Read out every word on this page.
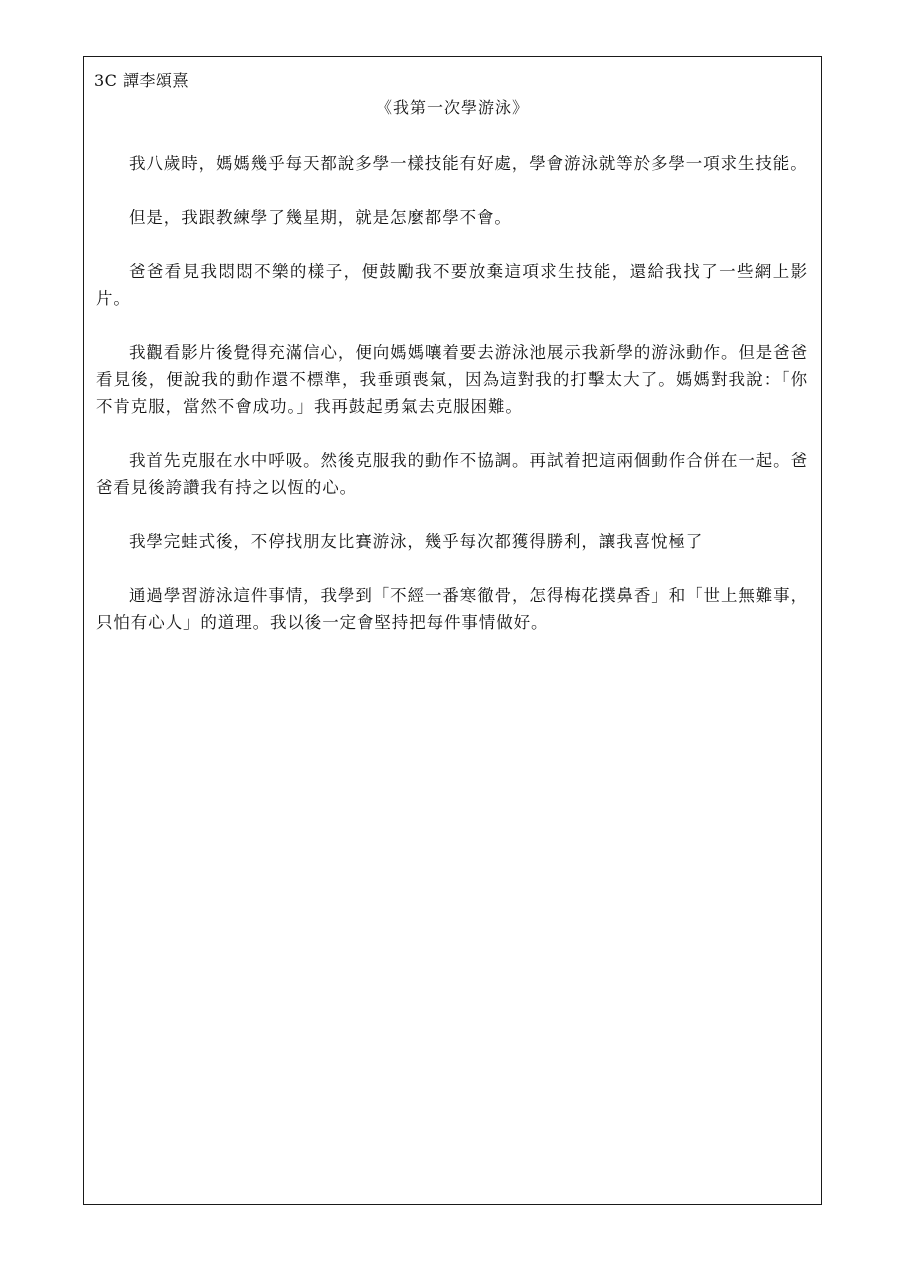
3C 譚李頌熹
《我第一次學游泳》

我八歲時，媽媽幾乎每天都說多學一樣技能有好處，學會游泳就等於多學一項求生技能。

但是，我跟教練學了幾星期，就是怎麼都學不會。

爸爸看見我悶悶不樂的樣子，便鼓勵我不要放棄這項求生技能，還給我找了一些網上影片。

我觀看影片後覺得充滿信心，便向媽媽嚷着要去游泳池展示我新學的游泳動作。但是爸爸看見後，便說我的動作還不標準，我垂頭喪氣，因為這對我的打擊太大了。媽媽對我說：「你不肯克服，當然不會成功。」我再鼓起勇氣去克服困難。

我首先克服在水中呼吸。然後克服我的動作不協調。再試着把這兩個動作合併在一起。爸爸看見後誇讚我有持之以恆的心。

我學完蛙式後，不停找朋友比賽游泳，幾乎每次都獲得勝利，讓我喜悅極了

通過學習游泳這件事情，我學到「不經一番寒徹骨，怎得梅花撲鼻香」和「世上無難事，只怕有心人」的道理。我以後一定會堅持把每件事情做好。
